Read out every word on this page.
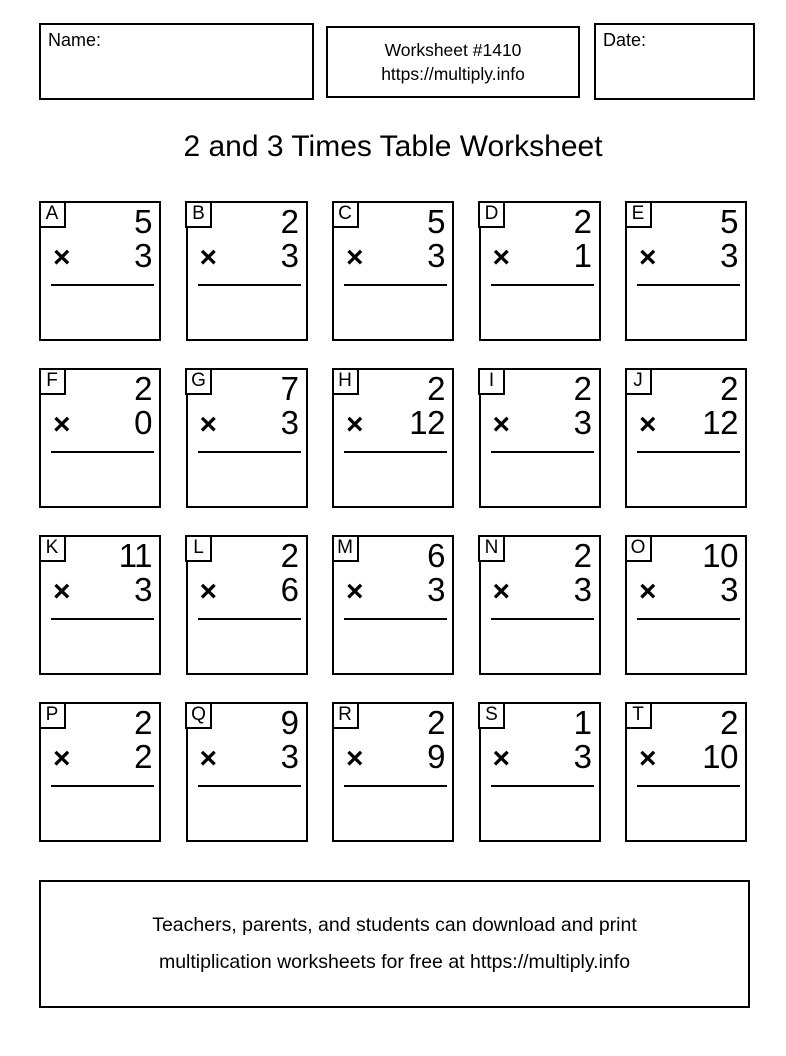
Name:	Worksheet #1410
https://multiply.info
Date:
2 and 3 Times Table Worksheet
A 5
× 3
B 2
× 3
C 5
× 3
D 2
× 1
E 5
× 3
F 2
× 0
G 7
× 3
H 2
× 12
I 2
× 3
J 2
× 12
K 11
× 3
L 2
× 6
M 6
× 3
N 2
× 3
O 10
× 3
P 2
× 2
Q 9
× 3
R 2
× 9
S 1
× 3
T 2
× 10
Teachers, parents, and students can download and print
multiplication worksheets for free at https://multiply.info
